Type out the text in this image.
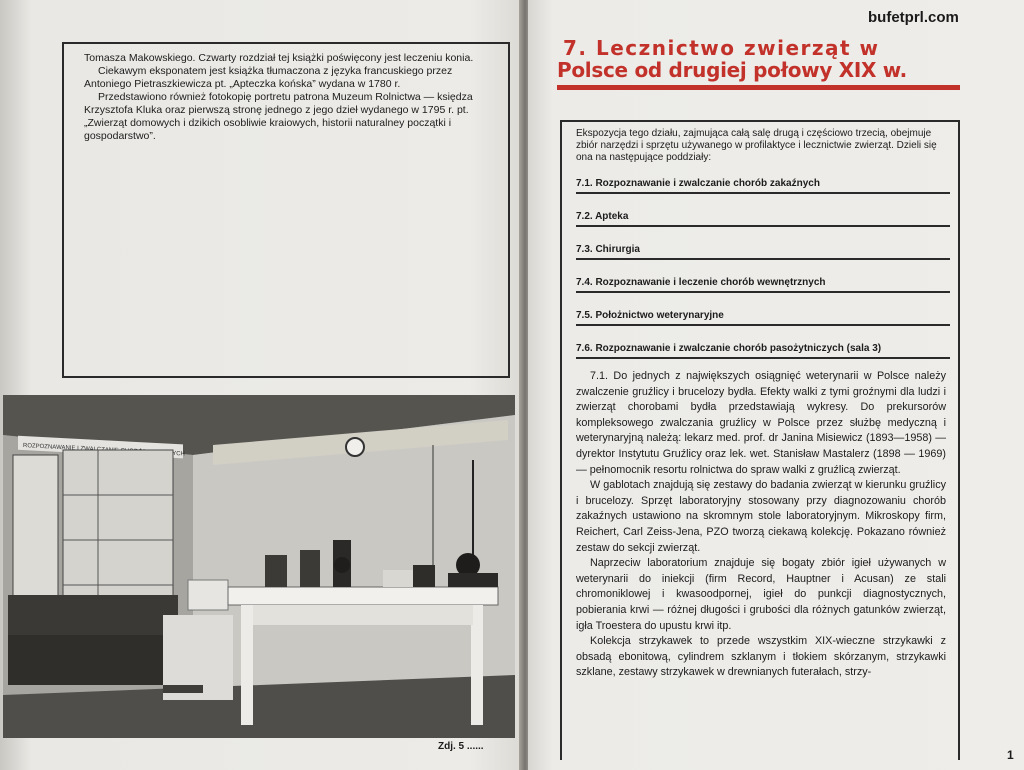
Tomasza Makowskiego. Czwarty rozdział tej książki poświęcony jest leczeniu konia.

Ciekawym eksponatem jest książka tłumaczona z języka francuskiego przez Antoniego Pietraszkiewicza pt. „Apteczka końska” wydana w 1780 r.

Przedstawiono również fotokopię portretu patrona Muzeum Rolnictwa — księdza Krzysztofa Kluka oraz pierwszą stronę jednego z jego dzieł wydanego w 1795 r. pt. „Zwierząt domowych i dzikich osobliwie kraiowych, historii naturalney początki i gospodarstwo”.

ROZPOZNAWANIE I
Zdj. 5 ......
bufetprl.com
7. Lecznictwo zwierząt w
Polsce od drugiej połowy XIX w.

Ekspozycja tego działu, zajmująca całą salę drugą i częściowo trzecią, obejmuje zbiór narzędzi i sprzętu używanego w profilaktyce i lecznictwie zwierząt. Dzieli się ona na następujące poddziały:

7.1. Rozpoznawanie i zwalczanie chorób zakaźnych
7.2. Apteka
7.3. Chirurgia
7.4. Rozpoznawanie i leczenie chorób wewnętrznych
7.5. Położnictwo weterynaryjne
7.6. Rozpoznawanie i zwalczanie chorób pasożytniczych (sala 3)

7.1. Do jednych z największych osiągnięć weterynarii w Polsce należy zwalczenie gruźlicy i brucelozy bydła. Efekty walki z tymi groźnymi dla ludzi i zwierząt chorobami bydła przedstawiają wykresy. Do prekursorów kompleksowego zwalczania gruźlicy w Polsce przez służbę medyczną i weterynaryjną należą: lekarz med. prof. dr Janina Misiewicz (1893—1958) — dyrektor Instytutu Gruźlicy oraz lek. wet. Stanisław Mastalerz (1898 — 1969) — pełnomocnik resortu rolnictwa do spraw walki z gruźlicą zwierząt.

W gablotach znajdują się zestawy do badania zwierząt w kierunku gruźlicy i brucelozy. Sprzęt laboratoryjny stosowany przy diagnozowaniu chorób zakaźnych ustawiono na skromnym stole laboratoryjnym. Mikroskopy firm, Reichert, Carl Zeiss-Jena, PZO tworzą ciekawą kolekcję. Pokazano również zestaw do sekcji zwierząt.

Naprzeciw laboratorium znajduje się bogaty zbiór igieł używanych w weterynarii do iniekcji (firm Record, Hauptner i Acusan) ze stali chromoniklowej i kwasoodpornej, igieł do punkcji diagnostycznych, pobierania krwi — różnej długości i grubości dla różnych gatunków zwierząt, igła Troestera do upustu krwi itp.

Kolekcja strzykawek to przede wszystkim XIX-wieczne strzykawki z obsadą ebonitową, cylindrem szklanym i tłokiem skórzanym, strzykawki szklane, zestawy strzykawek w drewnianych futerałach, strzy-

1
